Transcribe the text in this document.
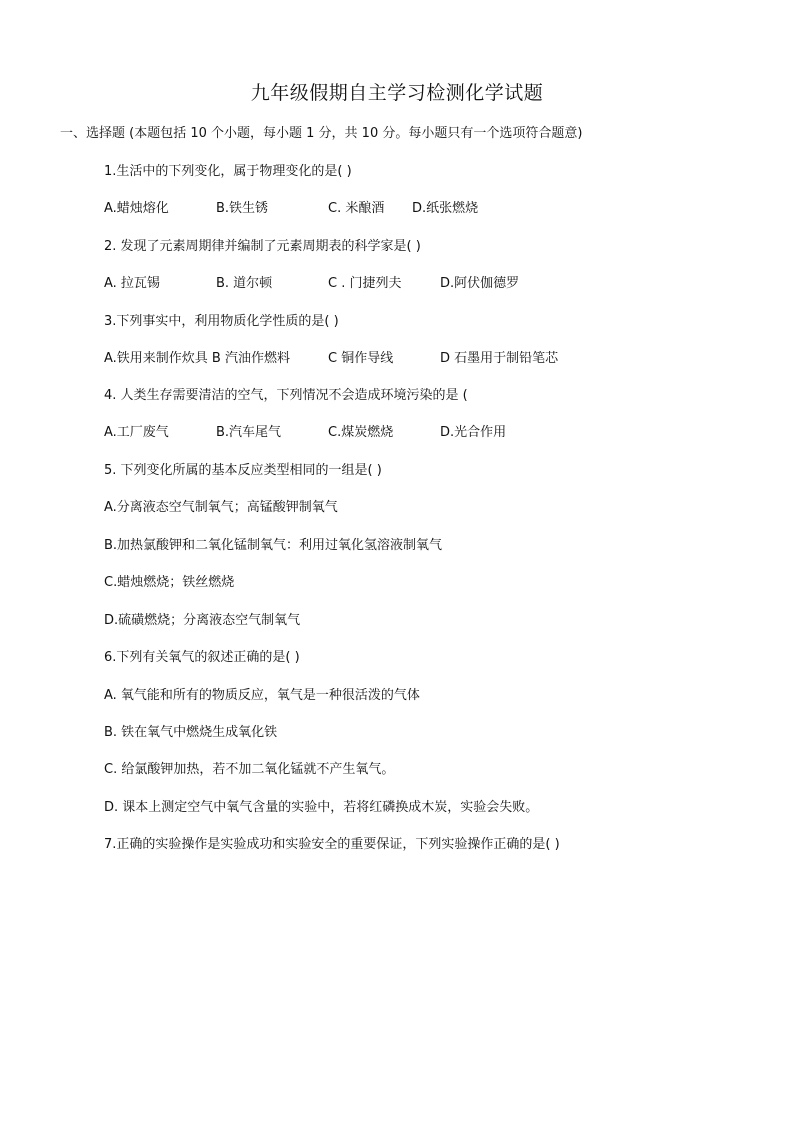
九年级假期自主学习检测化学试题
一、选择题 (本题包括 10 个小题，每小题 1 分，共 10 分。每小题只有一个选项符合题意)
1.生活中的下列变化，属于物理变化的是( )
A.蜡烛熔化	B.铁生锈	C. 米酿酒 D.纸张燃烧
2. 发现了元素周期律并编制了元素周期表的科学家是( )
A. 拉瓦锡	B. 道尔顿	C . 门捷列夫	D.阿伏伽德罗
3.下列事实中，利用物质化学性质的是( )
A.铁用来制作炊具 B 汽油作燃料	C 铜作导线	D 石墨用于制铅笔芯
4. 人类生存需要清洁的空气，下列情况不会造成环境污染的是 (
A.工厂废气	B.汽车尾气	C.煤炭燃烧	D.光合作用
5. 下列变化所属的基本反应类型相同的一组是( )
A.分离液态空气制氧气；高锰酸钾制氧气
B.加热氯酸钾和二氧化锰制氧气：利用过氧化氢溶液制氧气
C.蜡烛燃烧；铁丝燃烧
D.硫磺燃烧；分离液态空气制氧气
6.下列有关氧气的叙述正确的是( )
A. 氧气能和所有的物质反应，氧气是一种很活泼的气体
B. 铁在氧气中燃烧生成氧化铁
C. 给氯酸钾加热，若不加二氧化锰就不产生氧气。
D. 课本上测定空气中氧气含量的实验中，若将红磷换成木炭，实验会失败。
7.正确的实验操作是实验成功和实验安全的重要保证，下列实验操作正确的是( )
